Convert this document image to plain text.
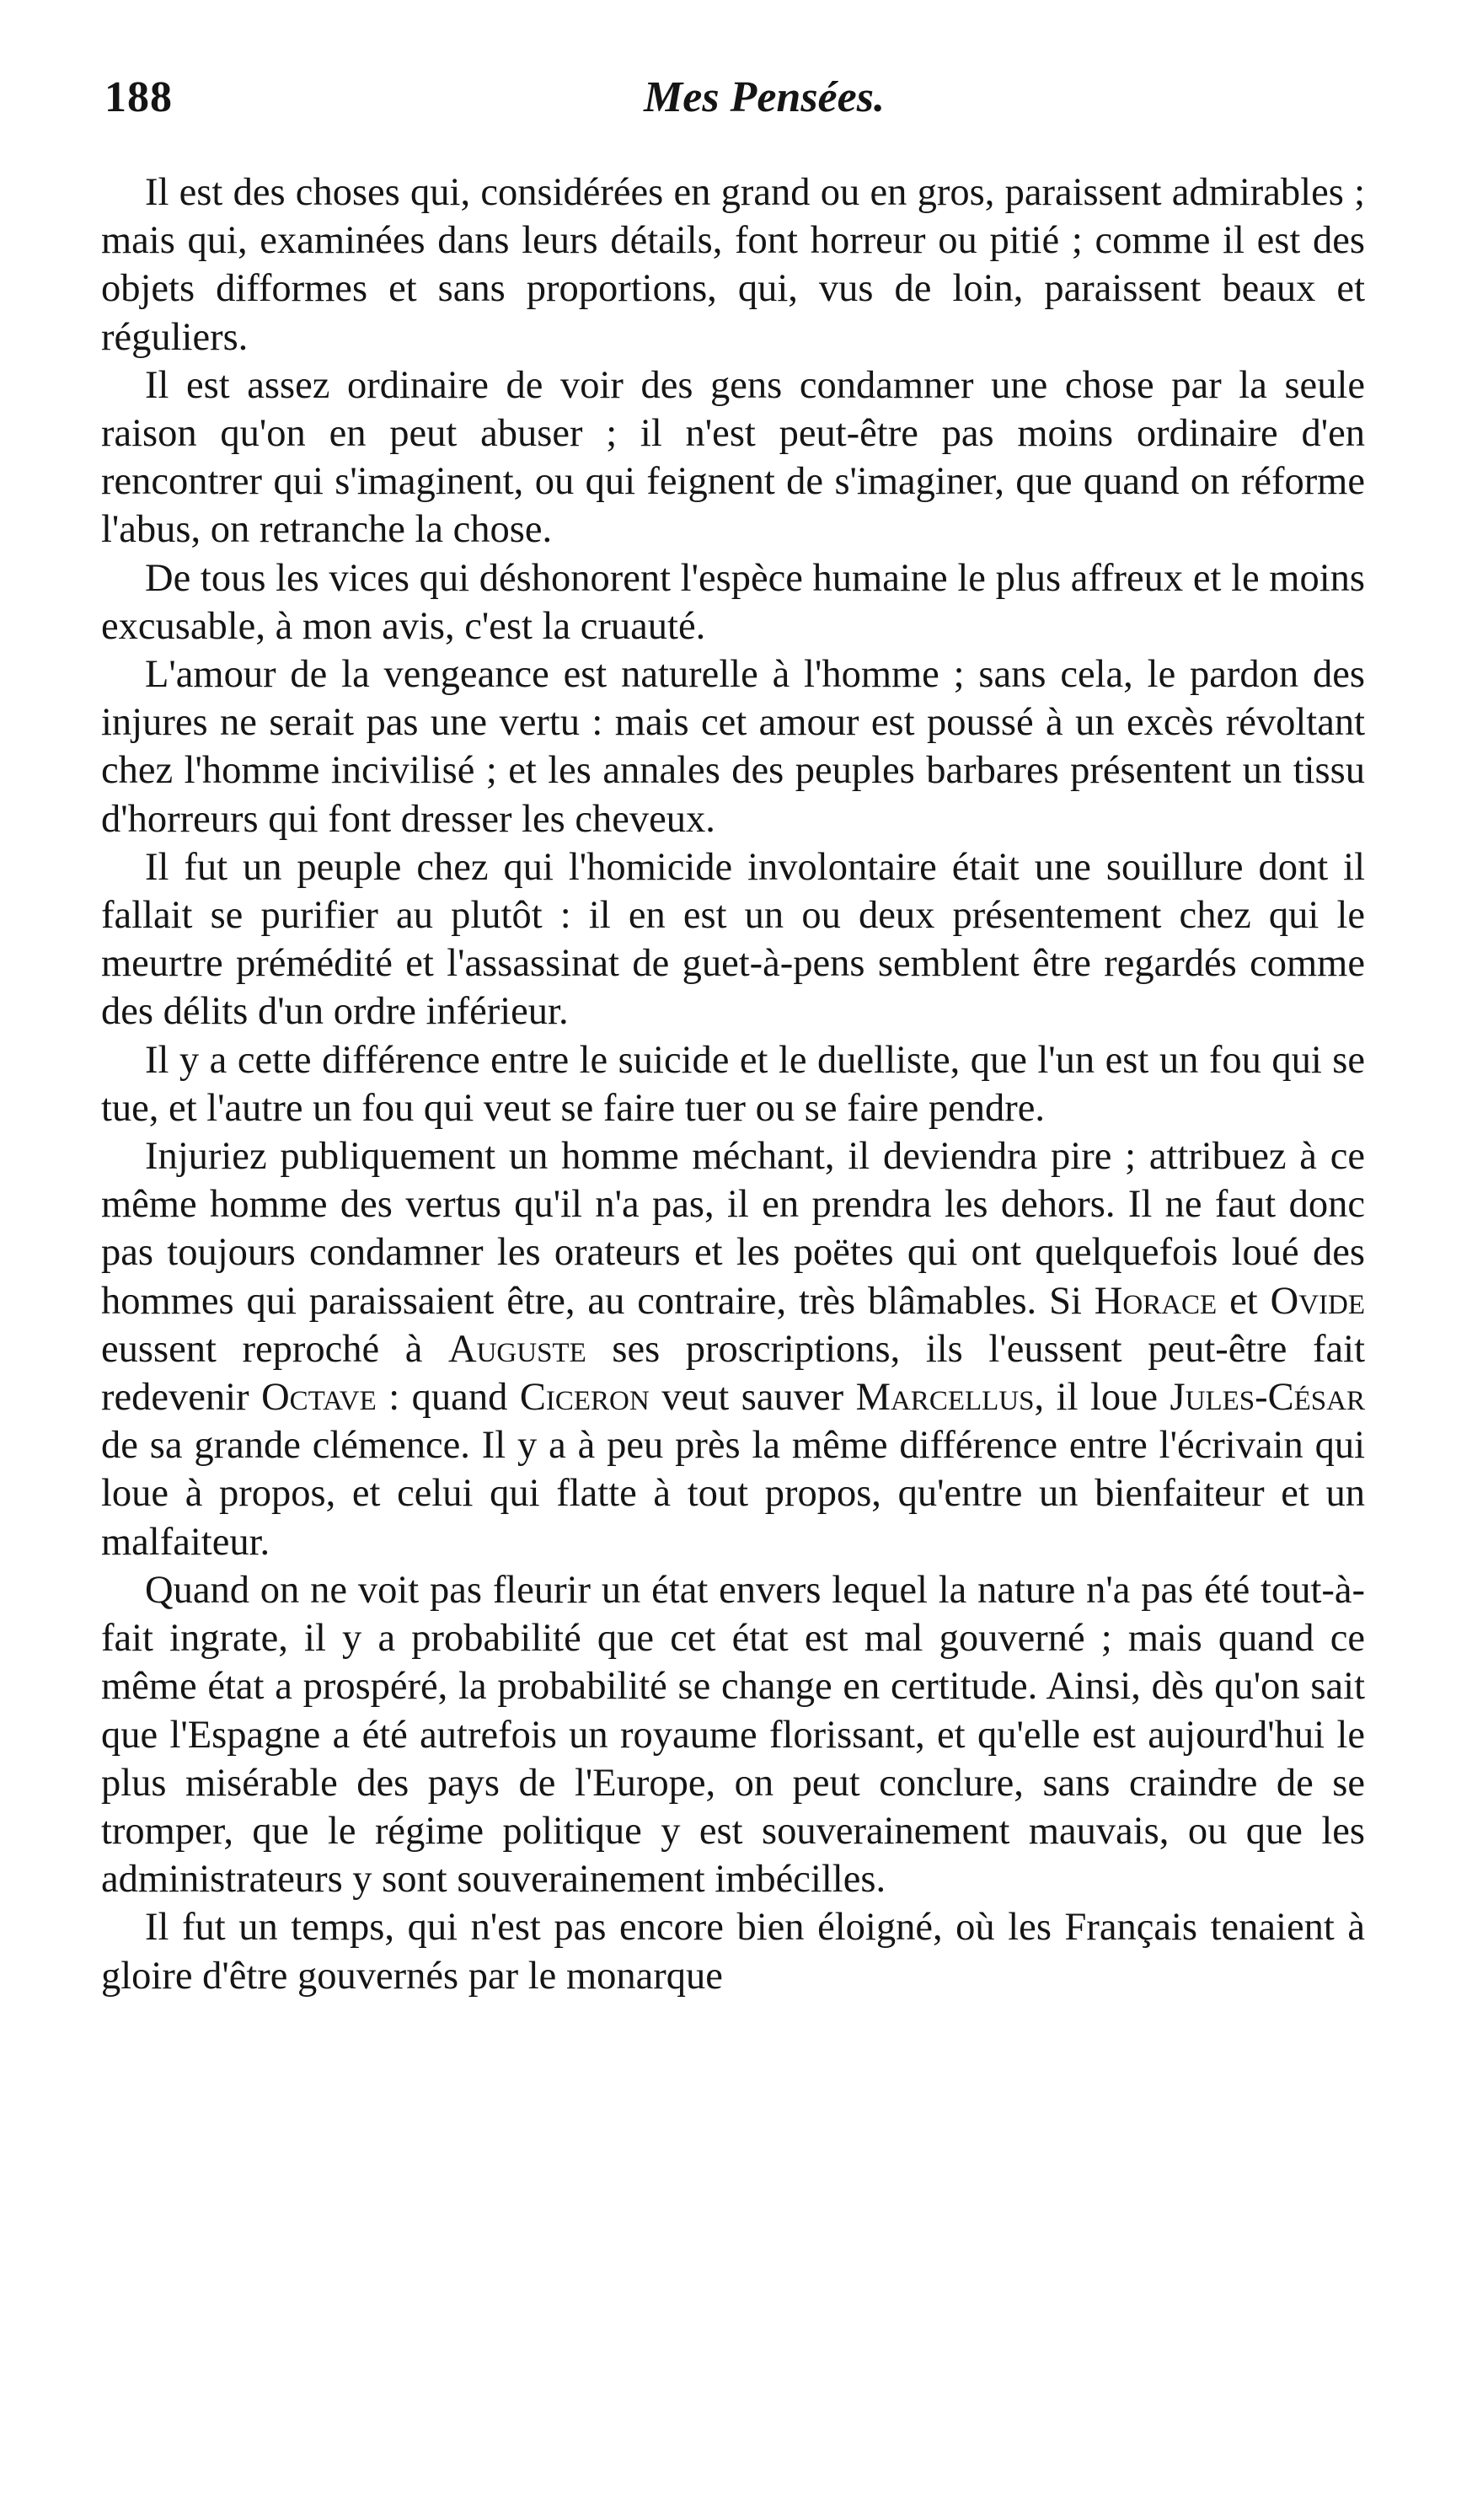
188	Mes Pensées.

Il est des choses qui, considérées en grand ou en gros, paraissent admirables ; mais qui, examinées dans leurs détails, font horreur ou pitié ; comme il est des objets difformes et sans proportions, qui, vus de loin, paraissent beaux et réguliers.

Il est assez ordinaire de voir des gens condamner une chose par la seule raison qu'on en peut abuser ; il n'est peut-être pas moins ordinaire d'en rencontrer qui s'imaginent, ou qui feignent de s'imaginer, que quand on réforme l'abus, on retranche la chose.

De tous les vices qui déshonorent l'espèce humaine le plus affreux et le moins excusable, à mon avis, c'est la cruauté.

L'amour de la vengeance est naturelle à l'homme ; sans cela, le pardon des injures ne serait pas une vertu : mais cet amour est poussé à un excès révoltant chez l'homme incivilisé ; et les annales des peuples barbares présentent un tissu d'horreurs qui font dresser les cheveux.

Il fut un peuple chez qui l'homicide involontaire était une souillure dont il fallait se purifier au plutôt : il en est un ou deux présentement chez qui le meurtre prémédité et l'assassinat de guet-à-pens semblent être regardés comme des délits d'un ordre inférieur.

Il y a cette différence entre le suicide et le duelliste, que l'un est un fou qui se tue, et l'autre un fou qui veut se faire tuer ou se faire pendre.

Injuriez publiquement un homme méchant, il deviendra pire ; attribuez à ce même homme des vertus qu'il n'a pas, il en prendra les dehors. Il ne faut donc pas toujours condamner les orateurs et les poëtes qui ont quelquefois loué des hommes qui paraissaient être, au contraire, très blâmables. Si Horace et Ovide eussent reproché à Auguste ses proscriptions, ils l'eussent peut-être fait redevenir Octave : quand Ciceron veut sauver Marcellus, il loue Jules-César de sa grande clémence. Il y a à peu près la même différence entre l'écrivain qui loue à propos, et celui qui flatte à tout propos, qu'entre un bienfaiteur et un malfaiteur.

Quand on ne voit pas fleurir un état envers lequel la nature n'a pas été tout-à-fait ingrate, il y a probabilité que cet état est mal gouverné ; mais quand ce même état a prospéré, la probabilité se change en certitude. Ainsi, dès qu'on sait que l'Espagne a été autrefois un royaume florissant, et qu'elle est aujourd'hui le plus misérable des pays de l'Europe, on peut conclure, sans craindre de se tromper, que le régime politique y est souverainement mauvais, ou que les administrateurs y sont souverainement imbécilles.

Il fut un temps, qui n'est pas encore bien éloigné, où les Français tenaient à gloire d'être gouvernés par le monarque
